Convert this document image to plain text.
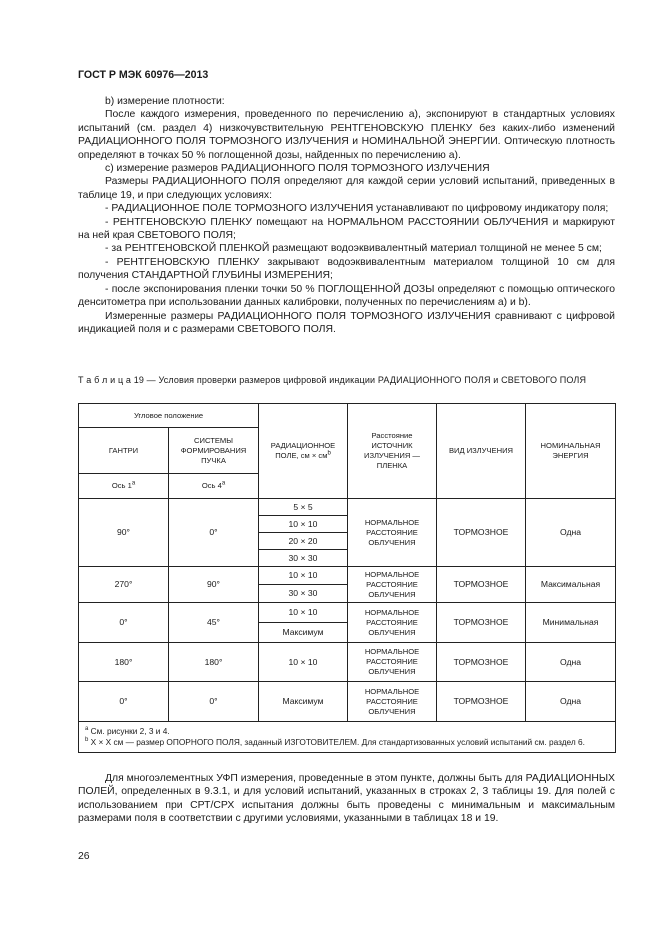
ГОСТ Р МЭК 60976—2013
b) измерение плотности:
После каждого измерения, проведенного по перечислению а), экспонируют в стандартных условиях испытаний (см. раздел 4) низкочувствительную РЕНТГЕНОВСКУЮ ПЛЕНКУ без каких-либо изменений РАДИАЦИОННОГО ПОЛЯ ТОРМОЗНОГО ИЗЛУЧЕНИЯ и НОМИНАЛЬНОЙ ЭНЕРГИИ. Оптическую плотность определяют в точках 50 % поглощенной дозы, найденных по перечислению а).
c) измерение размеров РАДИАЦИОННОГО ПОЛЯ ТОРМОЗНОГО ИЗЛУЧЕНИЯ
Размеры РАДИАЦИОННОГО ПОЛЯ определяют для каждой серии условий испытаний, приведенных в таблице 19, и при следующих условиях:
- РАДИАЦИОННОЕ ПОЛЕ ТОРМОЗНОГО ИЗЛУЧЕНИЯ устанавливают по цифровому индикатору поля;
- РЕНТГЕНОВСКУЮ ПЛЕНКУ помещают на НОРМАЛЬНОМ РАССТОЯНИИ ОБЛУЧЕНИЯ и маркируют на ней края СВЕТОВОГО ПОЛЯ;
- за РЕНТГЕНОВСКОЙ ПЛЕНКОЙ размещают водоэквивалентный материал толщиной не менее 5 см;
- РЕНТГЕНОВСКУЮ ПЛЕНКУ закрывают водоэквивалентным материалом толщиной 10 см для получения СТАНДАРТНОЙ ГЛУБИНЫ ИЗМЕРЕНИЯ;
- после экспонирования пленки точки 50 % ПОГЛОЩЕННОЙ ДОЗЫ определяют с помощью оптического денситометра при использовании данных калибровки, полученных по перечислениям а) и b).
Измеренные размеры РАДИАЦИОННОГО ПОЛЯ ТОРМОЗНОГО ИЗЛУЧЕНИЯ сравнивают с цифровой индикацией поля и с размерами СВЕТОВОГО ПОЛЯ.
Т а б л и ц а 19 — Условия проверки размеров цифровой индикации РАДИАЦИОННОГО ПОЛЯ и СВЕТОВОГО ПОЛЯ
Угловое положение		РАДИАЦИОННОЕ ПОЛЕ, см × $см^b$	Расстояние ИСТОЧНИК ИЗЛУЧЕНИЯ — ПЛЕНКА	ВИД ИЗЛУЧЕНИЯ	НОМИНАЛЬНАЯ ЭНЕРГИЯ
ГАНТРИ	СИСТЕМЫ ФОРМИРОВАНИЯ ПУЧКА				
Ось 1$^a$	Ось 4$^a$
90°	0°	5 × 5	НОРМАЛЬНОЕ РАССТОЯНИЕ ОБЛУЧЕНИЯ	ТОРМОЗНОЕ	Одна
		10 × 10			
		20 × 20			
		30 × 30			
270°	90°	10 × 10	НОРМАЛЬНОЕ РАССТОЯНИЕ ОБЛУЧЕНИЯ	ТОРМОЗНОЕ	Максимальная
		30 × 30			
0°	45°	10 × 10	НОРМАЛЬНОЕ РАССТОЯНИЕ ОБЛУЧЕНИЯ	ТОРМОЗНОЕ	Минимальная
		Максимум			
180°	180°	10 × 10	НОРМАЛЬНОЕ РАССТОЯНИЕ ОБЛУЧЕНИЯ	ТОРМОЗНОЕ	Одна
0°	0°	Максимум	НОРМАЛЬНОЕ РАССТОЯНИЕ ОБЛУЧЕНИЯ	ТОРМОЗНОЕ	Одна

$^a$ См. рисунки 2, 3 и 4.
$^b$ X × X см — размер ОПОРНОГО ПОЛЯ, заданный ИЗГОТОВИТЕЛЕМ. Для стандартизованных условий испытаний см. раздел 6.					
Для многоэлементных УФП измерения, проведенные в этом пункте, должны быть для РАДИАЦИОННЫХ ПОЛЕЙ, определенных в 9.3.1, и для условий испытаний, указанных в строках 2, 3 таблицы 19. Для полей с использованием при СРТ/СРХ испытания должны быть проведены с минимальным и максимальным размерами поля в соответствии с другими условиями, указанными в таблицах 18 и 19.
26
